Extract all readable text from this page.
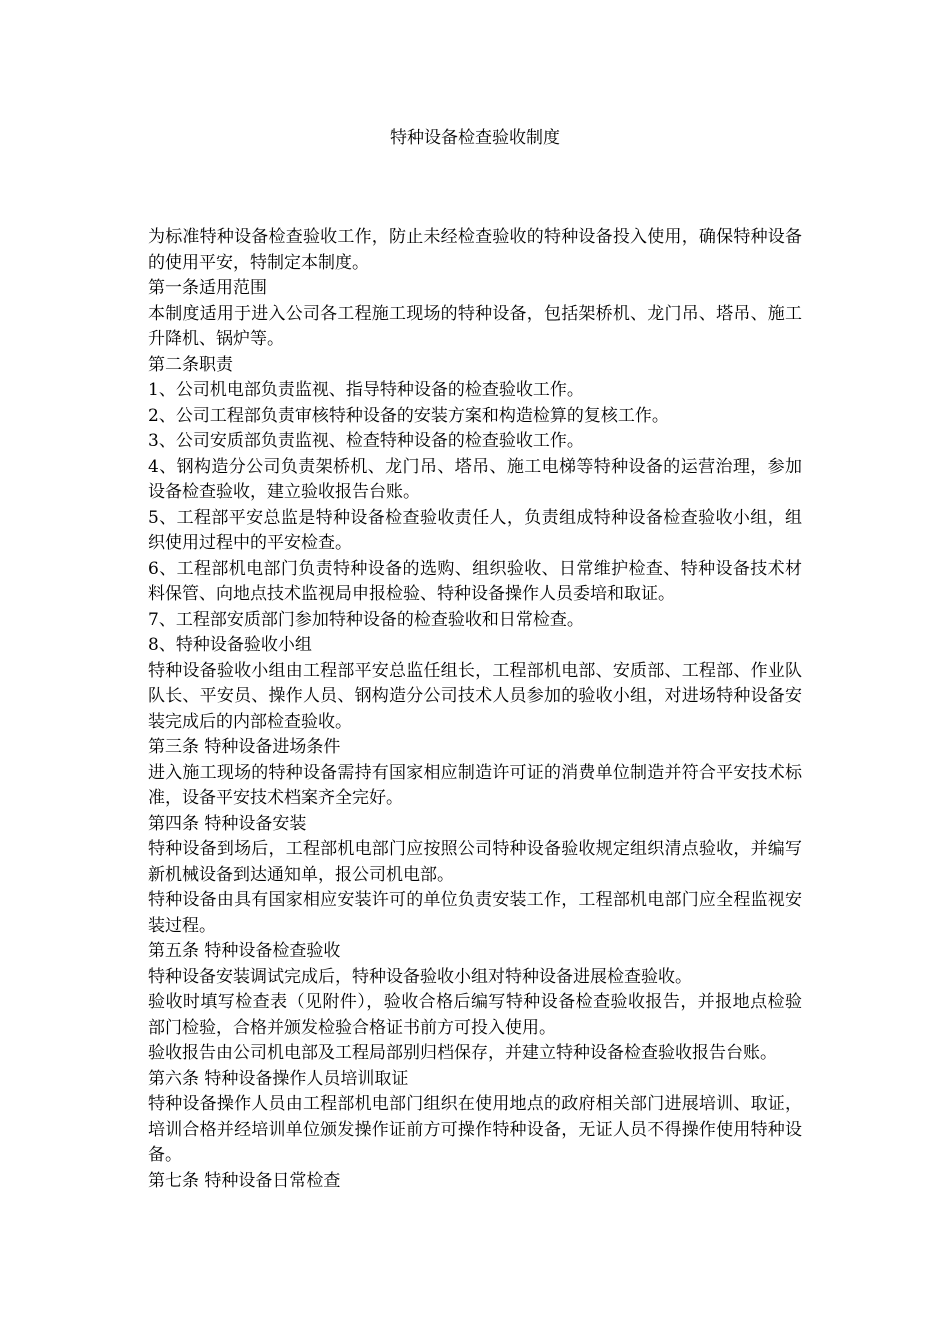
特种设备检查验收制度

为标准特种设备检查验收工作，防止未经检查验收的特种设备投入使用，确保特种设备的使用平安，特制定本制度。

第一条适用范围

本制度适用于进入公司各工程施工现场的特种设备，包括架桥机、龙门吊、塔吊、施工升降机、锅炉等。

第二条职责

1、公司机电部负责监视、指导特种设备的检查验收工作。

2、公司工程部负责审核特种设备的安装方案和构造检算的复核工作。

3、公司安质部负责监视、检查特种设备的检查验收工作。

4、钢构造分公司负责架桥机、龙门吊、塔吊、施工电梯等特种设备的运营治理，参加设备检查验收，建立验收报告台账。

5、工程部平安总监是特种设备检查验收责任人，负责组成特种设备检查验收小组，组织使用过程中的平安检查。

6、工程部机电部门负责特种设备的选购、组织验收、日常维护检查、特种设备技术材料保管、向地点技术监视局申报检验、特种设备操作人员委培和取证。

7、工程部安质部门参加特种设备的检查验收和日常检查。

8、特种设备验收小组

特种设备验收小组由工程部平安总监任组长，工程部机电部、安质部、工程部、作业队队长、平安员、操作人员、钢构造分公司技术人员参加的验收小组，对进场特种设备安装完成后的内部检查验收。

第三条 特种设备进场条件

进入施工现场的特种设备需持有国家相应制造许可证的消费单位制造并符合平安技术标准，设备平安技术档案齐全完好。

第四条 特种设备安装

特种设备到场后，工程部机电部门应按照公司特种设备验收规定组织清点验收，并编写新机械设备到达通知单，报公司机电部。

特种设备由具有国家相应安装许可的单位负责安装工作，工程部机电部门应全程监视安装过程。

第五条 特种设备检查验收

特种设备安装调试完成后，特种设备验收小组对特种设备进展检查验收。

验收时填写检查表（见附件），验收合格后编写特种设备检查验收报告，并报地点检验部门检验，合格并颁发检验合格证书前方可投入使用。

验收报告由公司机电部及工程局部别归档保存，并建立特种设备检查验收报告台账。

第六条 特种设备操作人员培训取证

特种设备操作人员由工程部机电部门组织在使用地点的政府相关部门进展培训、取证，培训合格并经培训单位颁发操作证前方可操作特种设备，无证人员不得操作使用特种设备。

第七条 特种设备日常检查
